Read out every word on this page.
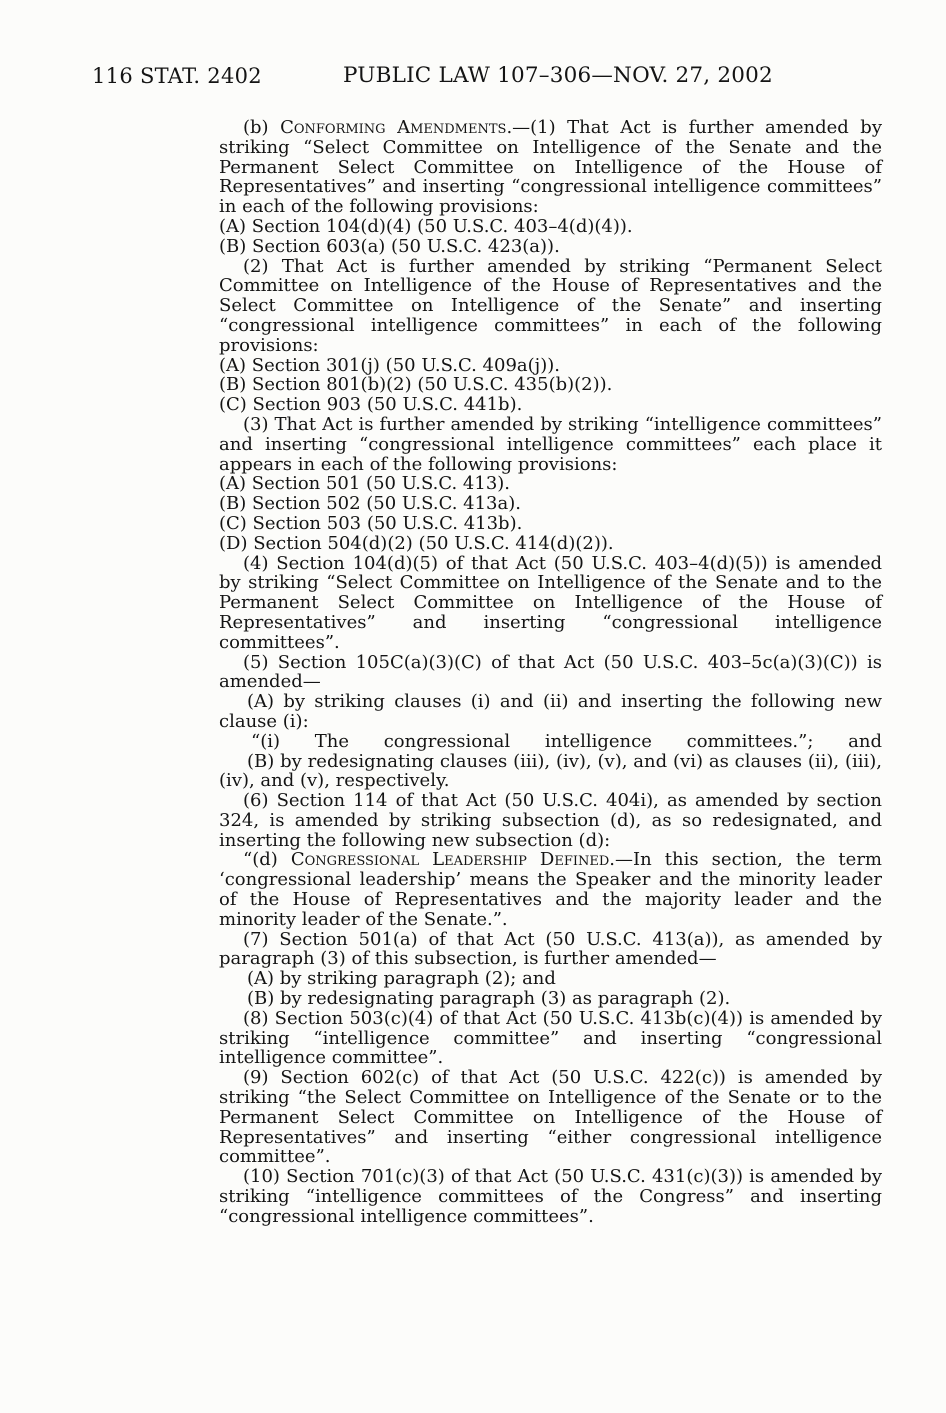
116 STAT. 2402	PUBLIC LAW 107–306—NOV. 27, 2002

(b) Conforming Amendments.—(1) That Act is further amended by striking “Select Committee on Intelligence of the Senate and the Permanent Select Committee on Intelligence of the House of Representatives” and inserting “congressional intelligence committees” in each of the following provisions:

(A) Section 104(d)(4) (50 U.S.C. 403–4(d)(4)).

(B) Section 603(a) (50 U.S.C. 423(a)).

(2) That Act is further amended by striking “Permanent Select Committee on Intelligence of the House of Representatives and the Select Committee on Intelligence of the Senate” and inserting “congressional intelligence committees” in each of the following provisions:

(A) Section 301(j) (50 U.S.C. 409a(j)).

(B) Section 801(b)(2) (50 U.S.C. 435(b)(2)).

(C) Section 903 (50 U.S.C. 441b).

(3) That Act is further amended by striking “intelligence committees” and inserting “congressional intelligence committees” each place it appears in each of the following provisions:

(A) Section 501 (50 U.S.C. 413).

(B) Section 502 (50 U.S.C. 413a).

(C) Section 503 (50 U.S.C. 413b).

(D) Section 504(d)(2) (50 U.S.C. 414(d)(2)).

(4) Section 104(d)(5) of that Act (50 U.S.C. 403–4(d)(5)) is amended by striking “Select Committee on Intelligence of the Senate and to the Permanent Select Committee on Intelligence of the House of Representatives” and inserting “congressional intelligence committees”.

(5) Section 105C(a)(3)(C) of that Act (50 U.S.C. 403–5c(a)(3)(C)) is amended—

(A) by striking clauses (i) and (ii) and inserting the following new clause (i):

“(i) The congressional intelligence committees.”; and

(B) by redesignating clauses (iii), (iv), (v), and (vi) as clauses (ii), (iii), (iv), and (v), respectively.

(6) Section 114 of that Act (50 U.S.C. 404i), as amended by section 324, is amended by striking subsection (d), as so redesignated, and inserting the following new subsection (d):

“(d) Congressional Leadership Defined.—In this section, the term ‘congressional leadership’ means the Speaker and the minority leader of the House of Representatives and the majority leader and the minority leader of the Senate.”.

(7) Section 501(a) of that Act (50 U.S.C. 413(a)), as amended by paragraph (3) of this subsection, is further amended—

(A) by striking paragraph (2); and

(B) by redesignating paragraph (3) as paragraph (2).

(8) Section 503(c)(4) of that Act (50 U.S.C. 413b(c)(4)) is amended by striking “intelligence committee” and inserting “congressional intelligence committee”.

(9) Section 602(c) of that Act (50 U.S.C. 422(c)) is amended by striking “the Select Committee on Intelligence of the Senate or to the Permanent Select Committee on Intelligence of the House of Representatives” and inserting “either congressional intelligence committee”.

(10) Section 701(c)(3) of that Act (50 U.S.C. 431(c)(3)) is amended by striking “intelligence committees of the Congress” and inserting “congressional intelligence committees”.
